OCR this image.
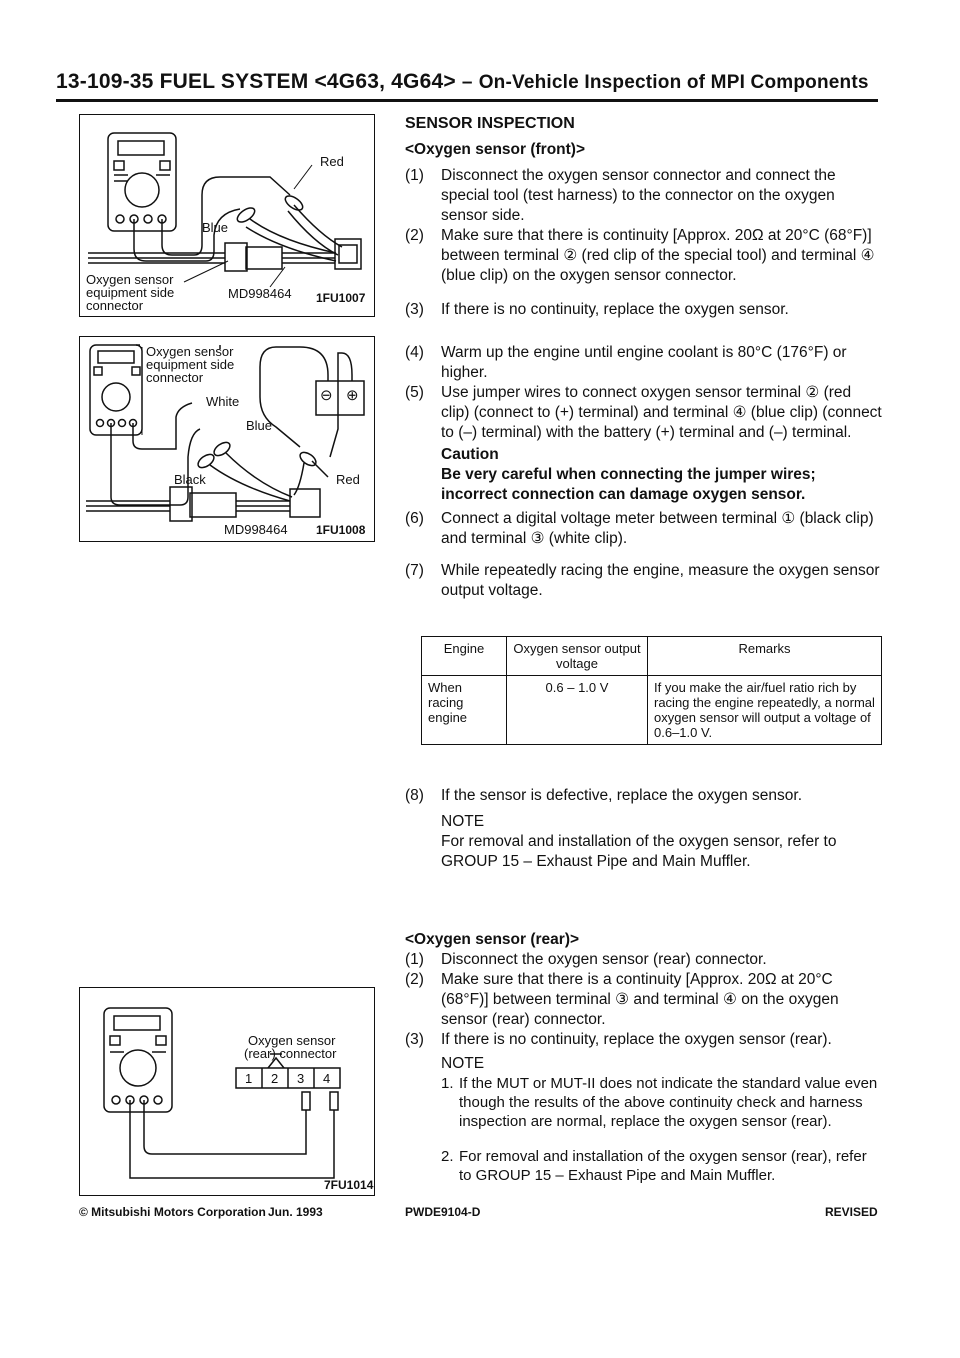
13-109-35 FUEL SYSTEM <4G63, 4G64> – On-Vehicle Inspection of MPI Components
Red
Blue
Oxygen sensor
equipment side
connector
MD998464 1FU1007
Oxygen sensor
equipment side
connector
White
Blue
Black	Red
MD998464
⊖ ⊕
1FU1008
Oxygen sensor
(rear) connector
1 2 3 4
7FU1014
SENSOR INSPECTION
<Oxygen sensor (front)>
(1) Disconnect the oxygen sensor connector and connect the special tool (test harness) to the connector on the oxygen sensor side.
(2) Make sure that there is continuity [Approx. 20Ω at 20°C (68°F)] between terminal ② (red clip of the special tool) and terminal ④ (blue clip) on the oxygen sensor connector.
(3) If there is no continuity, replace the oxygen sensor.
(4) Warm up the engine until engine coolant is 80°C (176°F) or higher.
(5) Use jumper wires to connect oxygen sensor terminal ② (red clip) (connect to (+) terminal) and terminal ④ (blue clip) (connect to (–) terminal) with the battery (+) terminal and (–) terminal.
Caution
Be very careful when connecting the jumper wires; incorrect connection can damage oxygen sensor.
(6) Connect a digital voltage meter between terminal ① (black clip) and terminal ③ (white clip).
(7) While repeatedly racing the engine, measure the oxygen sensor output voltage.
Engine	Oxygen sensor output voltage	Remarks
When racing engine	0.6 – 1.0 V	If you make the air/fuel ratio rich by racing the engine repeatedly, a normal oxygen sensor will output a voltage of 0.6–1.0 V.
(8) If the sensor is defective, replace the oxygen sensor.
NOTE
For removal and installation of the oxygen sensor, refer to GROUP 15 – Exhaust Pipe and Main Muffler.
<Oxygen sensor (rear)>
(1) Disconnect the oxygen sensor (rear) connector.
(2) Make sure that there is a continuity [Approx. 20Ω at 20°C (68°F)] between terminal ③ and terminal ④ on the oxygen sensor (rear) connector.
(3) If there is no continuity, replace the oxygen sensor (rear).
NOTE
1. If the MUT or MUT-II does not indicate the standard value even though the results of the above continuity check and harness inspection are normal, replace the oxygen sensor (rear).
2. For removal and installation of the oxygen sensor (rear), refer to GROUP 15 – Exhaust Pipe and Main Muffler.
© Mitsubishi Motors Corporation Jun. 1993	PWDE9104-D	REVISED
